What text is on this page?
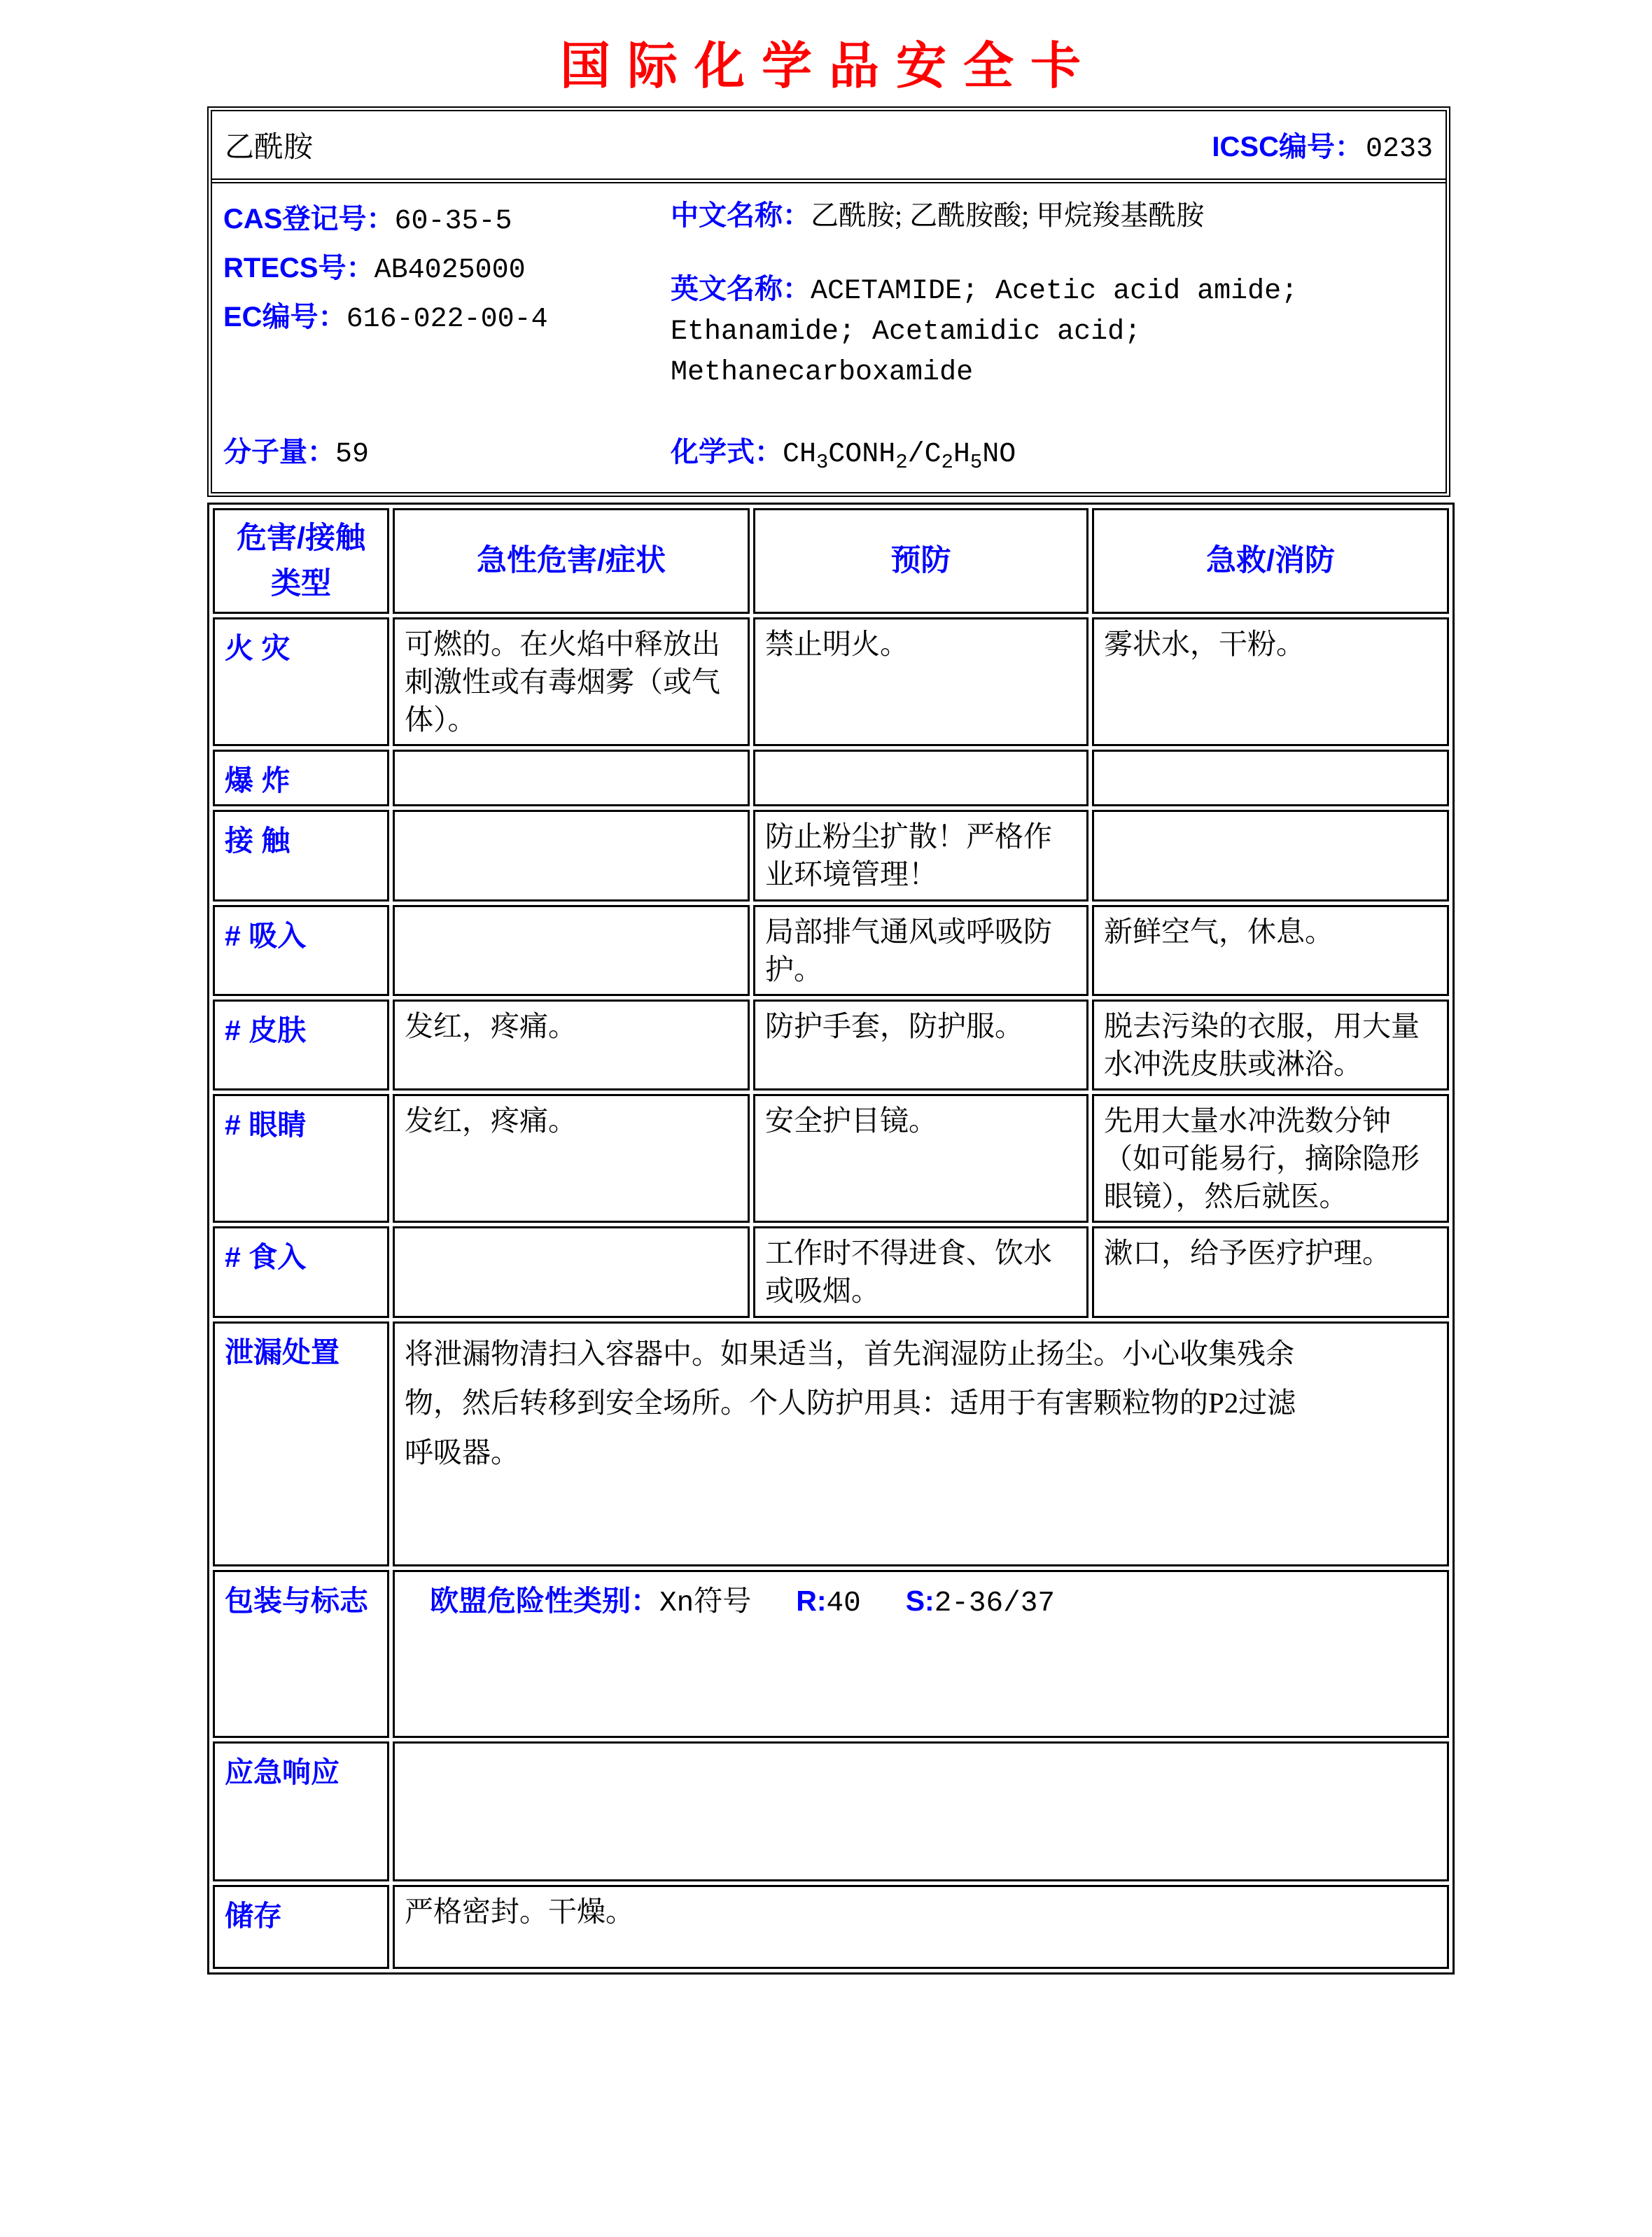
国际化学品安全卡
乙酰胺	ICSC编号： 0233
CAS登记号：60-35-5
RTECS号：AB4025000
EC编号：616-022-00-4
中文名称：乙酰胺; 乙酰胺酸; 甲烷羧基酰胺
英文名称：ACETAMIDE; Acetic acid amide; Ethanamide; Acetamidic acid; Methanecarboxamide
分子量：59	化学式：$CH_3CONH_2/C_2H_5NO$
危害/接触
类型	急性危害/症状	预防	急救/消防
火 灾	可燃的。在火焰中释放出刺激性或有毒烟雾（或气体）。	禁止明火。	雾状水，干粉。
爆 炸			
接 触		防止粉尘扩散！严格作业环境管理！	
# 吸入		局部排气通风或呼吸防护。	新鲜空气，休息。
# 皮肤	发红，疼痛。	防护手套，防护服。	脱去污染的衣服，用大量水冲洗皮肤或淋浴。
# 眼睛	发红，疼痛。	安全护目镜。	先用大量水冲洗数分钟（如可能易行，摘除隐形眼镜），然后就医。
# 食入		工作时不得进食、饮水或吸烟。	漱口，给予医疗护理。
泄漏处置	将泄漏物清扫入容器中。如果适当，首先润湿防止扬尘。小心收集残余物，然后转移到安全场所。个人防护用具：适用于有害颗粒物的P2过滤呼吸器。		

包装与标志	欧盟危险性类别：Xn符号 R:40 S:2-36/37		

应急响应			
储存	严格密封。干燥。		
